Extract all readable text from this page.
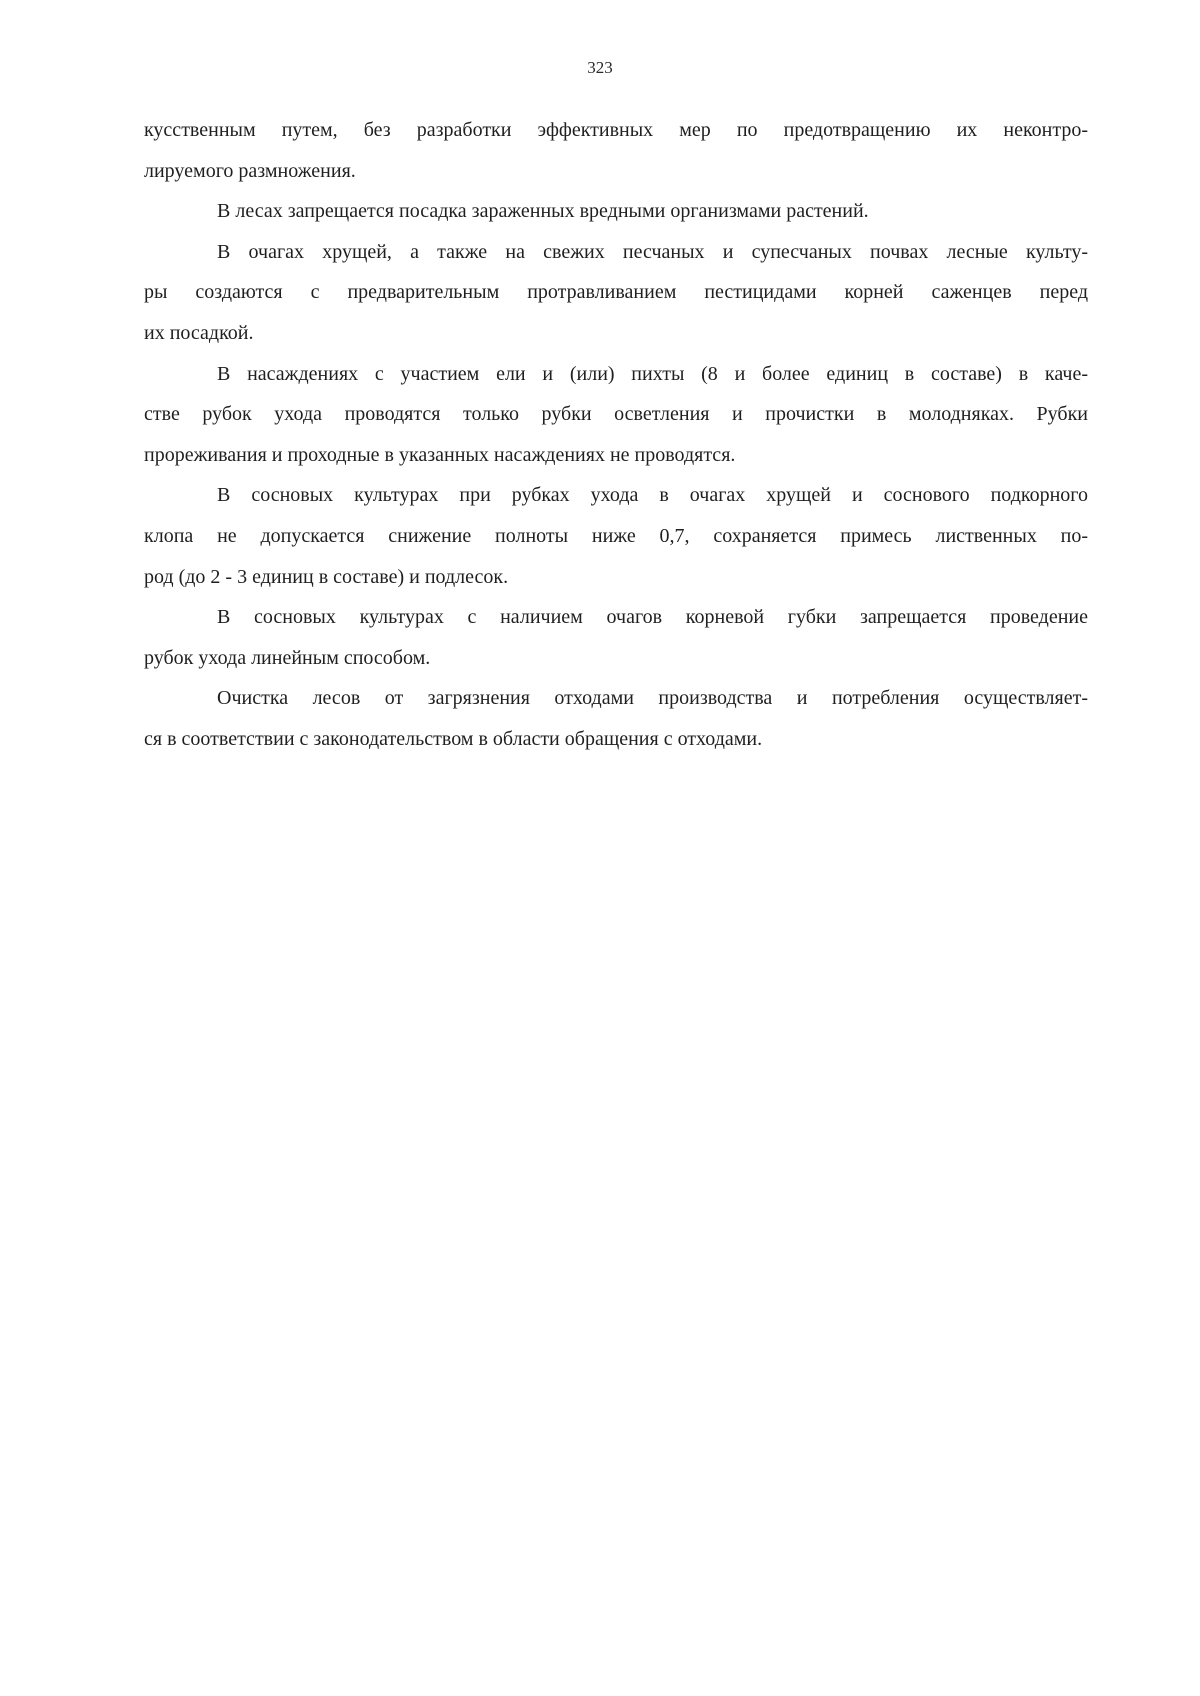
323
кусственным путем, без разработки эффективных мер по предотвращению их неконтро-
лируемого размножения.
В лесах запрещается посадка зараженных вредными организмами растений.
В очагах хрущей, а также на свежих песчаных и супесчаных почвах лесные культу-
ры создаются с предварительным протравливанием пестицидами корней саженцев перед
их посадкой.
В насаждениях с участием ели и (или) пихты (8 и более единиц в составе) в каче-
стве рубок ухода проводятся только рубки осветления и прочистки в молодняках. Рубки
прореживания и проходные в указанных насаждениях не проводятся.
В сосновых культурах при рубках ухода в очагах хрущей и соснового подкорного
клопа не допускается снижение полноты ниже 0,7, сохраняется примесь лиственных по-
род (до 2 - 3 единиц в составе) и подлесок.
В сосновых культурах с наличием очагов корневой губки запрещается проведение
рубок ухода линейным способом.
Очистка лесов от загрязнения отходами производства и потребления осуществляет-
ся в соответствии с законодательством в области обращения с отходами.
